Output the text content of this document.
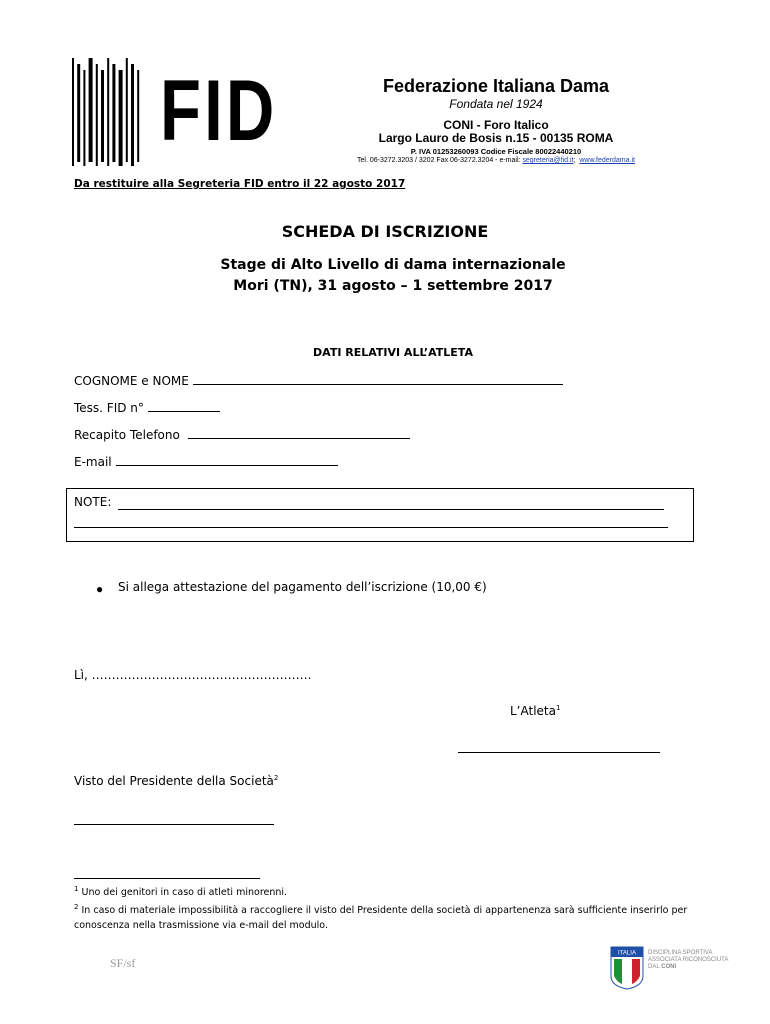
FID	Federazione Italiana Dama
Fondata nel 1924
CONI - Foro Italico
Largo Lauro de Bosis n.15 - 00135 ROMA
P. IVA 01253260093 Codice Fiscale 80022440210
Tel. 06-3272.3203 / 3202 Fax 06-3272.3204 - e-mail: segreteria@fid.it; www.federdama.it
Da restituire alla Segreteria FID entro il 22 agosto 2017
SCHEDA DI ISCRIZIONE
Stage di Alto Livello di dama internazionale
Mori (TN), 31 agosto – 1 settembre 2017
DATI RELATIVI ALL’ATLETA
COGNOME e NOME
Tess. FID n°
Recapito Telefono
E-mail
NOTE:
● Si allega attestazione del pagamento dell’iscrizione (10,00 €)
Lì, ……………………………………………….
L’Atleta$^1$
Visto del Presidente della Società$^2$
$^1$ Uno dei genitori in caso di atleti minorenni.
$^2$ In caso di materiale impossibilità a raccogliere il visto del Presidente della società di appartenenza sarà sufficiente inserirlo per conoscenza nella trasmissione via e-mail del modulo.
SF/sf
ITALIA DISCIPLINA SPORTIVA
ASSOCIATA RICONOSCIUTA
DAL CONI
